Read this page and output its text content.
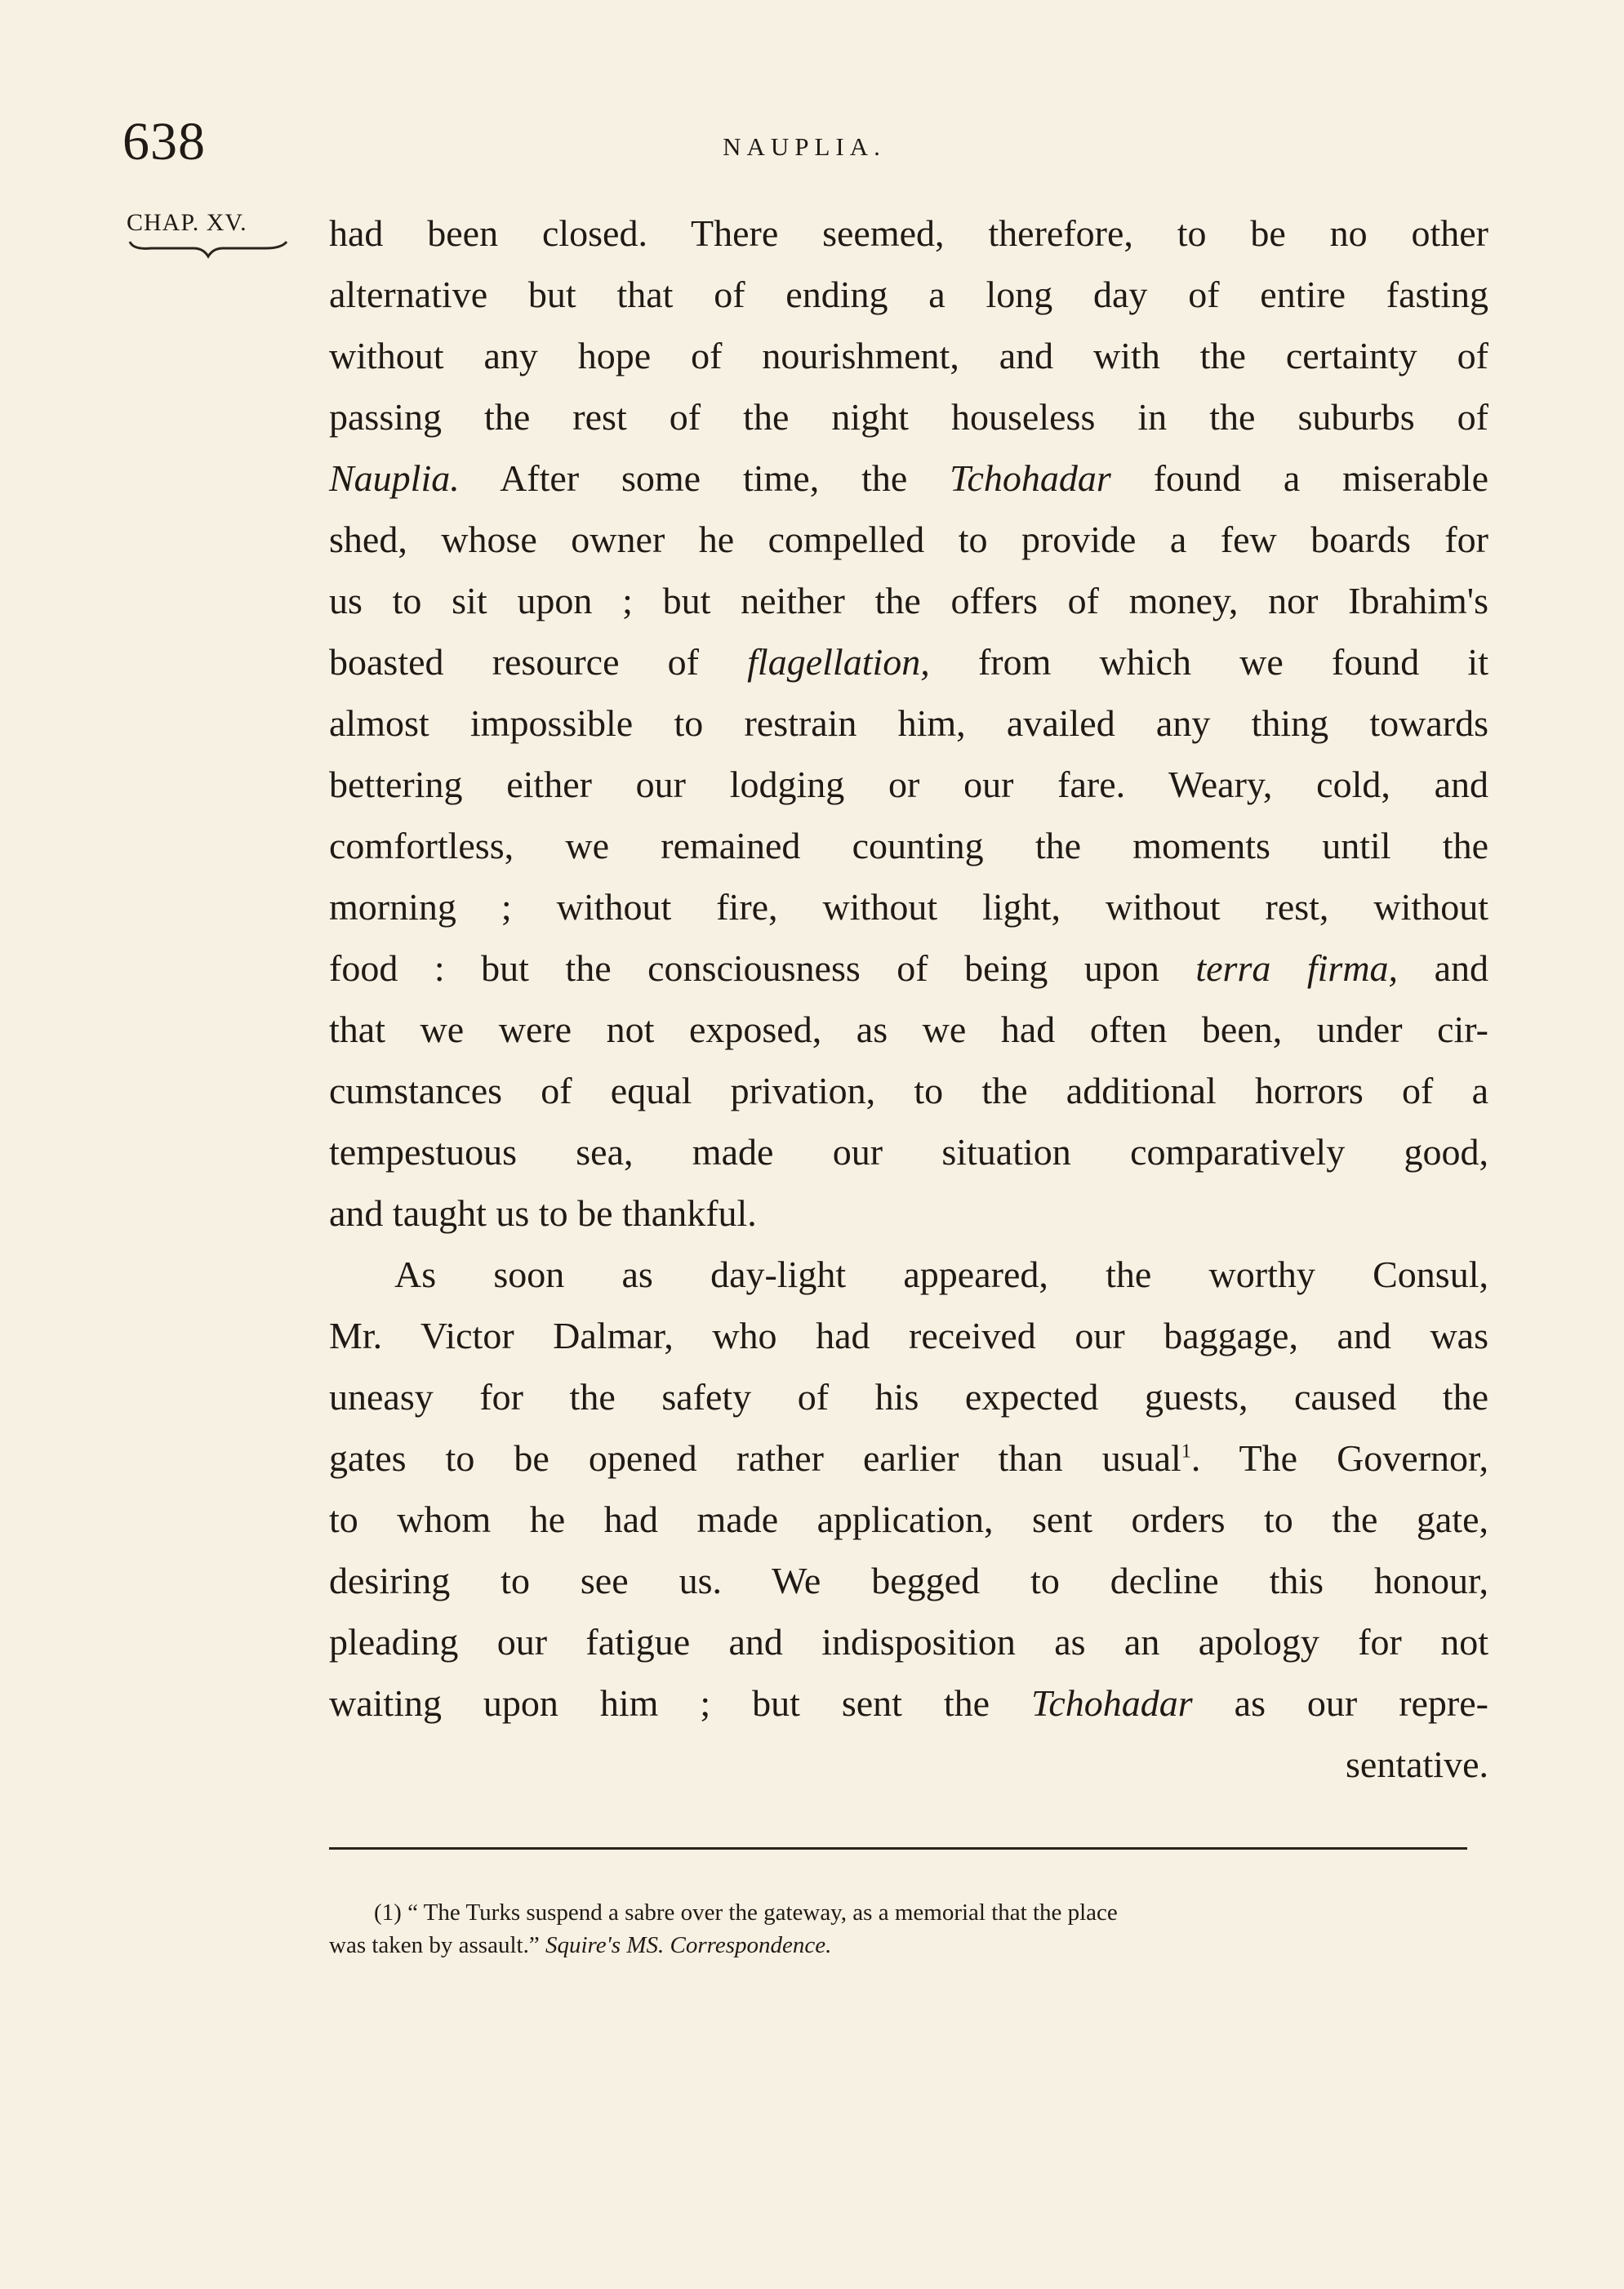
638	NAUPLIA.
CHAP. XV.	had been closed. There seemed, therefore, to be no other
alternative but that of ending a long day of entire fasting
without any hope of nourishment, and with the certainty of
passing the rest of the night houseless in the suburbs of
Nauplia. After some time, the Tchohadar found a miserable
shed, whose owner he compelled to provide a few boards for
us to sit upon ; but neither the offers of money, nor Ibrahim's
boasted resource of flagellation, from which we found it
almost impossible to restrain him, availed any thing towards
bettering either our lodging or our fare. Weary, cold, and
comfortless, we remained counting the moments until the
morning ; without fire, without light, without rest, without
food : but the consciousness of being upon terra firma, and
that we were not exposed, as we had often been, under cir-
cumstances of equal privation, to the additional horrors of a
tempestuous sea, made our situation comparatively good,
and taught us to be thankful.
As soon as day-light appeared, the worthy Consul,
Mr. Victor Dalmar, who had received our baggage, and was
uneasy for the safety of his expected guests, caused the
gates to be opened rather earlier than usual$^1$. The Governor,
to whom he had made application, sent orders to the gate,
desiring to see us. We begged to decline this honour,
pleading our fatigue and indisposition as an apology for not
waiting upon him ; but sent the Tchohadar as our repre-
sentative.
(1) “ The Turks suspend a sabre over the gateway, as a memorial that the place
was taken by assault.” Squire's MS. Correspondence.
